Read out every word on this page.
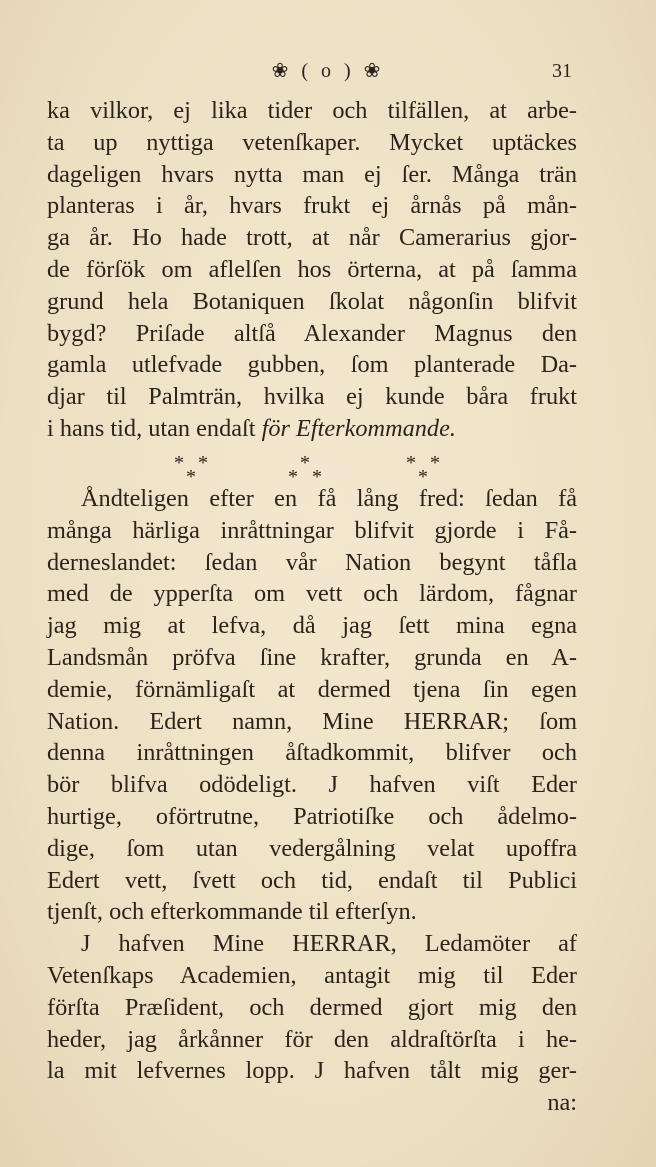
❀ ( o ) ❀	31
ka vilkor, ej lika tider och tilfällen, at arbe-
ta up nyttiga vetenſkaper. Mycket uptäckes
dageligen hvars nytta man ej ſer. Många trän
planteras i år, hvars frukt ej årnås på mån-
ga år. Ho hade trott, at når Camerarius gjor-
de förſök om aflelſen hos örterna, at på ſamma
grund hela Botaniquen ſkolat någonſin blifvit
bygd? Priſade altſå Alexander Magnus den
gamla utlefvade gubben, ſom planterade Da-
djar til Palmträn, hvilka ej kunde båra frukt
i hans tid, utan endaſt för Efterkommande.
* *
*
*
* *
* *
*
Åndteligen efter en få lång fred: ſedan få
många härliga inråttningar blifvit gjorde i Få-
derneslandet: ſedan vår Nation begynt tåfla
med de ypperſta om vett och lärdom, fågnar
jag mig at lefva, då jag ſett mina egna
Landsmån pröfva ſine krafter, grunda en A-
demie, förnämligaſt at dermed tjena ſin egen
Nation. Edert namn, Mine HERRAR; ſom
denna inråttningen åſtadkommit, blifver och
bör blifva odödeligt. J hafven viſt Eder
hurtige, oförtrutne, Patriotiſke och ådelmo-
dige, ſom utan vedergålning velat upoffra
Edert vett, ſvett och tid, endaſt til Publici
tjenſt, och efterkommande til efterſyn.
J hafven Mine HERRAR, Ledamöter af
Vetenſkaps Academien, antagit mig til Eder
förſta Præſident, och dermed gjort mig den
heder, jag årkånner för den aldraſtörſta i he-
la mit lefvernes lopp. J hafven tålt mig ger-
na:
